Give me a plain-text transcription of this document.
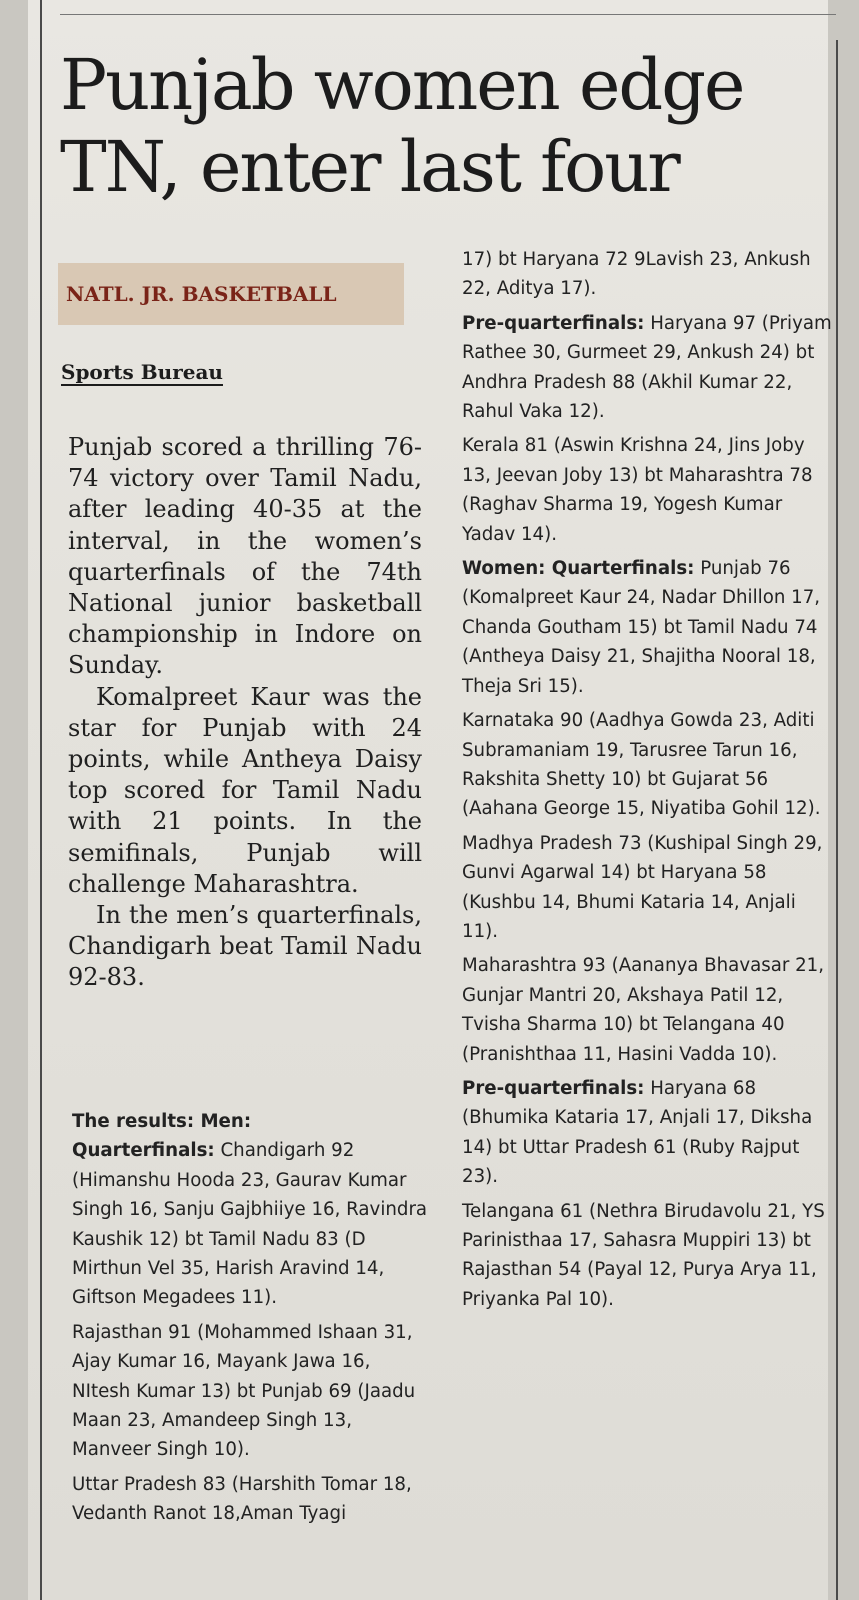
Punjab women edge TN, enter last four
NATL. JR. BASKETBALL

Sports Bureau

Punjab scored a thrilling 76-74 victory over Tamil Nadu, after leading 40-35 at the interval, in the women’s quarterfinals of the 74th National junior basketball championship in Indore on Sunday.

Komalpreet Kaur was the star for Punjab with 24 points, while Antheya Daisy top scored for Tamil Nadu with 21 points. In the semifinals, Punjab will challenge Maharashtra.

In the men’s quarterfinals, Chandigarh beat Tamil Nadu 92-83.

The results: Men:

Quarterfinals: Chandigarh 92 (Himanshu Hooda 23, Gaurav Kumar Singh 16, Sanju Gajbhiiye 16, Ravindra Kaushik 12) bt Tamil Nadu 83 (D Mirthun Vel 35, Harish Aravind 14, Giftson Megadees 11).

Rajasthan 91 (Mohammed Ishaan 31, Ajay Kumar 16, Mayank Jawa 16, NItesh Kumar 13) bt Punjab 69 (Jaadu Maan 23, Amandeep Singh 13, Manveer Singh 10).

Uttar Pradesh 83 (Harshith Tomar 18, Vedanth Ranot 18,Aman Tyagi

17) bt Haryana 72 9Lavish 23, Ankush 22, Aditya 17).

Pre-quarterfinals: Haryana 97 (Priyam Rathee 30, Gurmeet 29, Ankush 24) bt Andhra Pradesh 88 (Akhil Kumar 22, Rahul Vaka 12).

Kerala 81 (Aswin Krishna 24, Jins Joby 13, Jeevan Joby 13) bt Maharashtra 78 (Raghav Sharma 19, Yogesh Kumar Yadav 14).

Women: Quarterfinals: Punjab 76 (Komalpreet Kaur 24, Nadar Dhillon 17, Chanda Goutham 15) bt Tamil Nadu 74 (Antheya Daisy 21, Shajitha Nooral 18, Theja Sri 15).

Karnataka 90 (Aadhya Gowda 23, Aditi Subramaniam 19, Tarusree Tarun 16, Rakshita Shetty 10) bt Gujarat 56 (Aahana George 15, Niyatiba Gohil 12).

Madhya Pradesh 73 (Kushipal Singh 29, Gunvi Agarwal 14) bt Haryana 58 (Kushbu 14, Bhumi Kataria 14, Anjali 11).

Maharashtra 93 (Aananya Bhavasar 21, Gunjar Mantri 20, Akshaya Patil 12, Tvisha Sharma 10) bt Telangana 40 (Pranishthaa 11, Hasini Vadda 10).

Pre-quarterfinals: Haryana 68 (Bhumika Kataria 17, Anjali 17, Diksha 14) bt Uttar Pradesh 61 (Ruby Rajput 23).

Telangana 61 (Nethra Birudavolu 21, YS Parinisthaa 17, Sahasra Muppiri 13) bt Rajasthan 54 (Payal 12, Purya Arya 11, Priyanka Pal 10).
